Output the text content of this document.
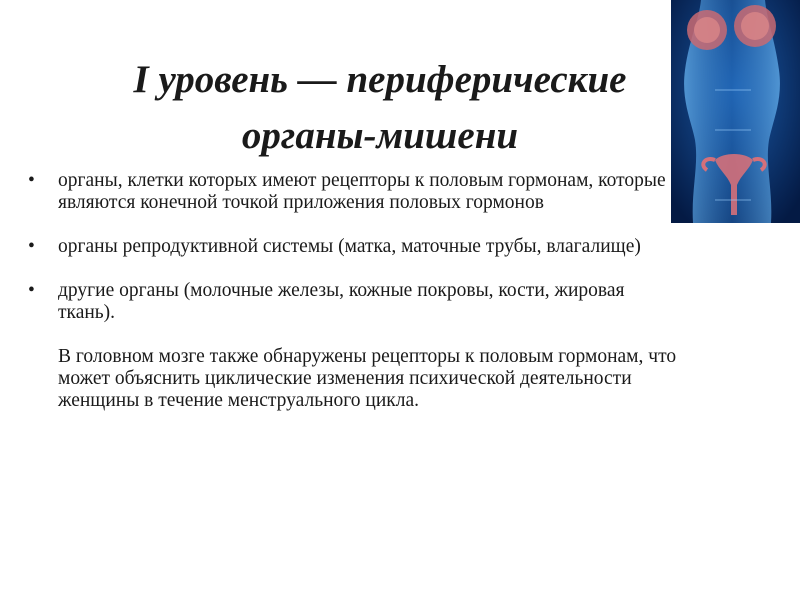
I уровень — периферические
органы-мишени
•	органы, клетки которых имеют рецепторы к половым гормонам, которые являются конечной точкой приложения половых гормонов
•	органы репродуктивной системы (матка, маточные трубы, влагалище)
•	другие органы (молочные железы, кожные покровы, кости, жировая ткань).
В головном мозге также обнаружены рецепторы к половым гормонам, что может объяснить циклические изменения психической деятельности женщины в течение менструального цикла.
